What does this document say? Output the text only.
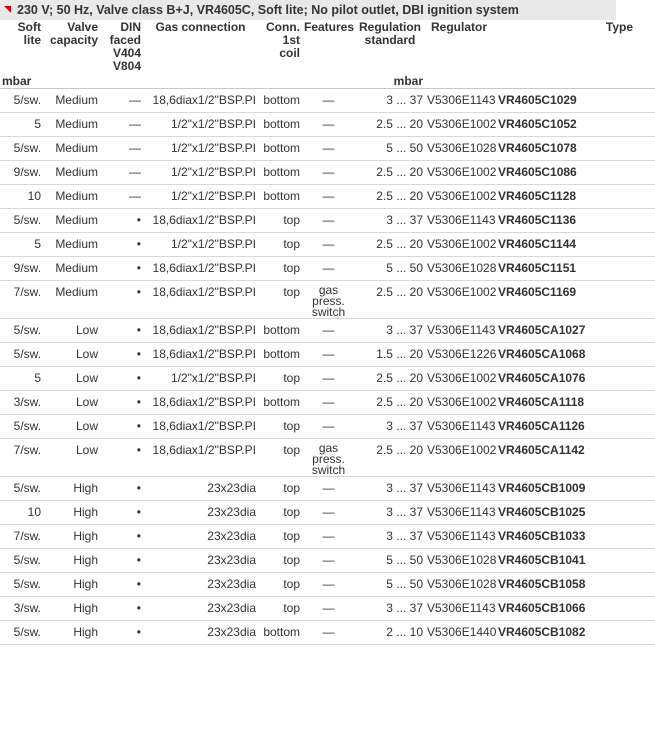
230 V; 50 Hz, Valve class B+J, VR4605C, Soft lite; No pilot outlet, DBI ignition system
Soft lite	Valve capacity	DIN faced V404 V804	Gas connection	Conn. 1st coil	Features	Regulation standard	Regulator	Type
mbar						mbar		
5/sw.	Medium	—	18,6diax1/2"BSP.PI	bottom	—	3 ... 37	V5306E1143	VR4605C1029
5	Medium	—	1/2"x1/2"BSP.PI	bottom	—	2.5 ... 20	V5306E1002	VR4605C1052
5/sw.	Medium	—	1/2"x1/2"BSP.PI	bottom	—	5 ... 50	V5306E1028	VR4605C1078
9/sw.	Medium	—	1/2"x1/2"BSP.PI	bottom	—	2.5 ... 20	V5306E1002	VR4605C1086
10	Medium	—	1/2"x1/2"BSP.PI	bottom	—	2.5 ... 20	V5306E1002	VR4605C1128
5/sw.	Medium	•	18,6diax1/2"BSP.PI	top	—	3 ... 37	V5306E1143	VR4605C1136
5	Medium	•	1/2"x1/2"BSP.PI	top	—	2.5 ... 20	V5306E1002	VR4605C1144
9/sw.	Medium	•	18,6diax1/2"BSP.PI	top	—	5 ... 50	V5306E1028	VR4605C1151
7/sw.	Medium	•	18,6diax1/2"BSP.PI	top	gas press. switch	2.5 ... 20	V5306E1002	VR4605C1169
5/sw.	Low	•	18,6diax1/2"BSP.PI	bottom	—	3 ... 37	V5306E1143	VR4605CA1027
5/sw.	Low	•	18,6diax1/2"BSP.PI	bottom	—	1.5 ... 20	V5306E1226	VR4605CA1068
5	Low	•	1/2"x1/2"BSP.PI	top	—	2.5 ... 20	V5306E1002	VR4605CA1076
3/sw.	Low	•	18,6diax1/2"BSP.PI	bottom	—	2.5 ... 20	V5306E1002	VR4605CA1118
5/sw.	Low	•	18,6diax1/2"BSP.PI	top	—	3 ... 37	V5306E1143	VR4605CA1126
7/sw.	Low	•	18,6diax1/2"BSP.PI	top	gas press. switch	2.5 ... 20	V5306E1002	VR4605CA1142
5/sw.	High	•	23x23dia	top	—	3 ... 37	V5306E1143	VR4605CB1009
10	High	•	23x23dia	top	—	3 ... 37	V5306E1143	VR4605CB1025
7/sw.	High	•	23x23dia	top	—	3 ... 37	V5306E1143	VR4605CB1033
5/sw.	High	•	23x23dia	top	—	5 ... 50	V5306E1028	VR4605CB1041
5/sw.	High	•	23x23dia	top	—	5 ... 50	V5306E1028	VR4605CB1058
3/sw.	High	•	23x23dia	top	—	3 ... 37	V5306E1143	VR4605CB1066
5/sw.	High	•	23x23dia	bottom	—	2 ... 10	V5306E1440	VR4605CB1082
